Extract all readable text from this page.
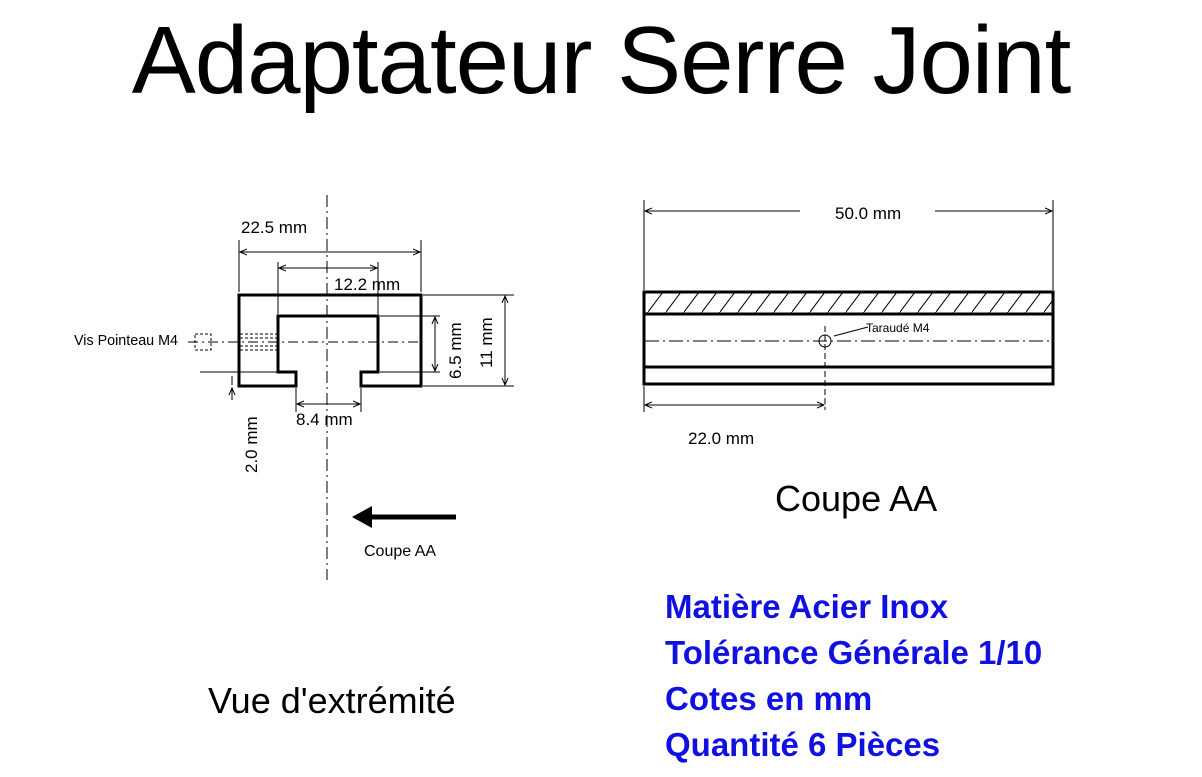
Adaptateur Serre Joint
22.5 mm
12.2 mm
6.5 mm 11 mm
8.4 mm
2.0 mm
Vis Pointeau M4
Coupe AA
Taraudé M4
50.0 mm
22.0 mm
Coupe AA
Vue d'extrémité
Matière Acier Inox
Tolérance Générale 1/10
Cotes en mm
Quantité 6 Pièces
